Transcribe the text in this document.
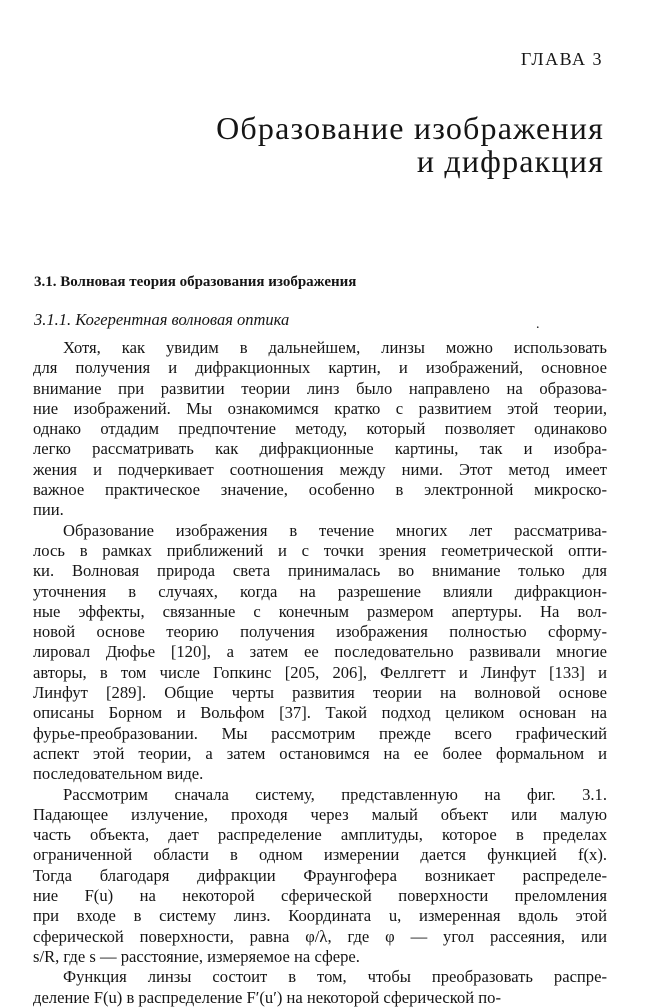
ГЛАВА 3
Образование изображения
и дифракция
3.1. Волновая теория образования изображения
3.1.1. Когерентная волновая оптика	.
Хотя, как увидим в дальнейшем, линзы можно использовать
для получения и дифракционных картин, и изображений, основное
внимание при развитии теории линз было направлено на образова-
ние изображений. Мы ознакомимся кратко с развитием этой теории,
однако отдадим предпочтение методу, который позволяет одинаково
легко рассматривать как дифракционные картины, так и изобра-
жения и подчеркивает соотношения между ними. Этот метод имеет
важное практическое значение, особенно в электронной микроско-
пии.
Образование изображения в течение многих лет рассматрива-
лось в рамках приближений и с точки зрения геометрической опти-
ки. Волновая природа света принималась во внимание только для
уточнения в случаях, когда на разрешение влияли дифракцион-
ные эффекты, связанные с конечным размером апертуры. На вол-
новой основе теорию получения изображения полностью сформу-
лировал Дюфье [120], а затем ее последовательно развивали многие
авторы, в том числе Гопкинс [205, 206], Феллгетт и Линфут [133] и
Линфут [289]. Общие черты развития теории на волновой основе
описаны Борном и Вольфом [37]. Такой подход целиком основан на
фурье-преобразовании. Мы рассмотрим прежде всего графический
аспект этой теории, а затем остановимся на ее более формальном и
последовательном виде.
Рассмотрим сначала систему, представленную на фиг. 3.1.
Падающее излучение, проходя через малый объект или малую
часть объекта, дает распределение амплитуды, которое в пределах
ограниченной области в одном измерении дается функцией f(x).
Тогда благодаря дифракции Фраунгофера возникает распределе-
ние F(u) на некоторой сферической поверхности преломления
при входе в систему линз. Координата u, измеренная вдоль этой
сферической поверхности, равна φ/λ, где φ — угол рассеяния, или
s/R, где s — расстояние, измеряемое на сфере.
Функция линзы состоит в том, чтобы преобразовать распре-
деление F(u) в распределение F′(u′) на некоторой сферической по-
